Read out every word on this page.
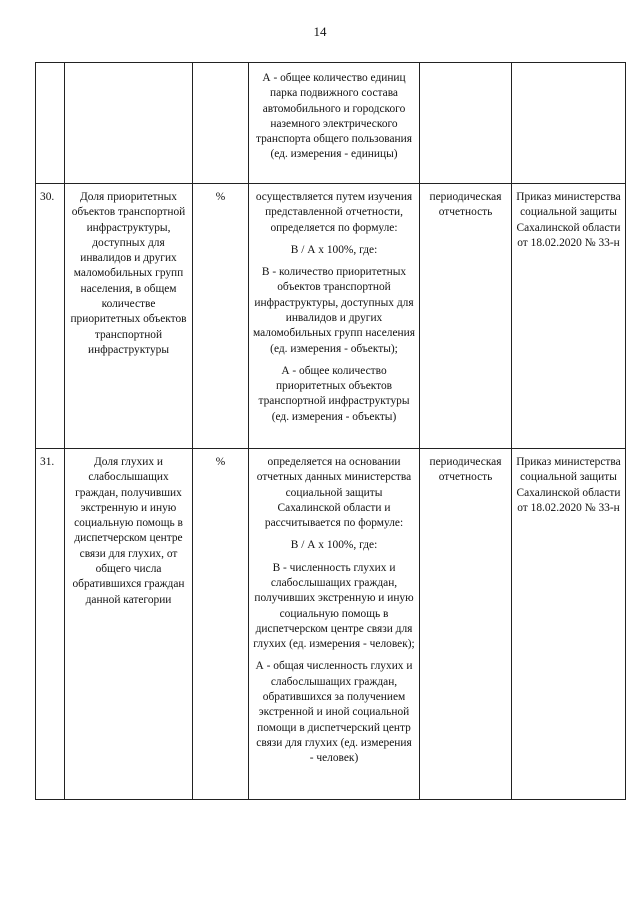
14

			А - общее количество единиц парка подвижного состава автомобильного и городского наземного электрического транспорта общего пользования (ед. измерения - единицы)		

30.	Доля приоритетных объектов транспортной инфраструктуры, доступных для инвалидов и других маломобильных групп населения, в общем количестве приоритетных объектов транспортной инфраструктуры	%	осуществляется путем изучения представленной отчетности, определяется по формуле:

В / А x 100%, где:

В - количество приоритетных объектов транспортной инфраструктуры, доступных для инвалидов и других маломобильных групп населения (ед. измерения - объекты);

А - общее количество приоритетных объектов транспортной инфраструктуры (ед. измерения - объекты)	периодическая отчетность	Приказ министерства социальной защиты Сахалинской области от 18.02.2020 № 33-н
31.	Доля глухих и слабослышащих граждан, получивших экстренную и иную социальную помощь в диспетчерском центре связи для глухих, от общего числа обратившихся граждан данной категории	%	определяется на основании отчетных данных министерства социальной защиты Сахалинской области и рассчитывается по формуле:

В / А x 100%, где:

В - численность глухих и слабослышащих граждан, получивших экстренную и иную социальную помощь в диспетчерском центре связи для глухих (ед. измерения - человек);

А - общая численность глухих и слабослышащих граждан, обратившихся за получением экстренной и иной социальной помощи в диспетчерский центр связи для глухих (ед. измерения - человек)	периодическая отчетность	Приказ министерства социальной защиты Сахалинской области от 18.02.2020 № 33-н
